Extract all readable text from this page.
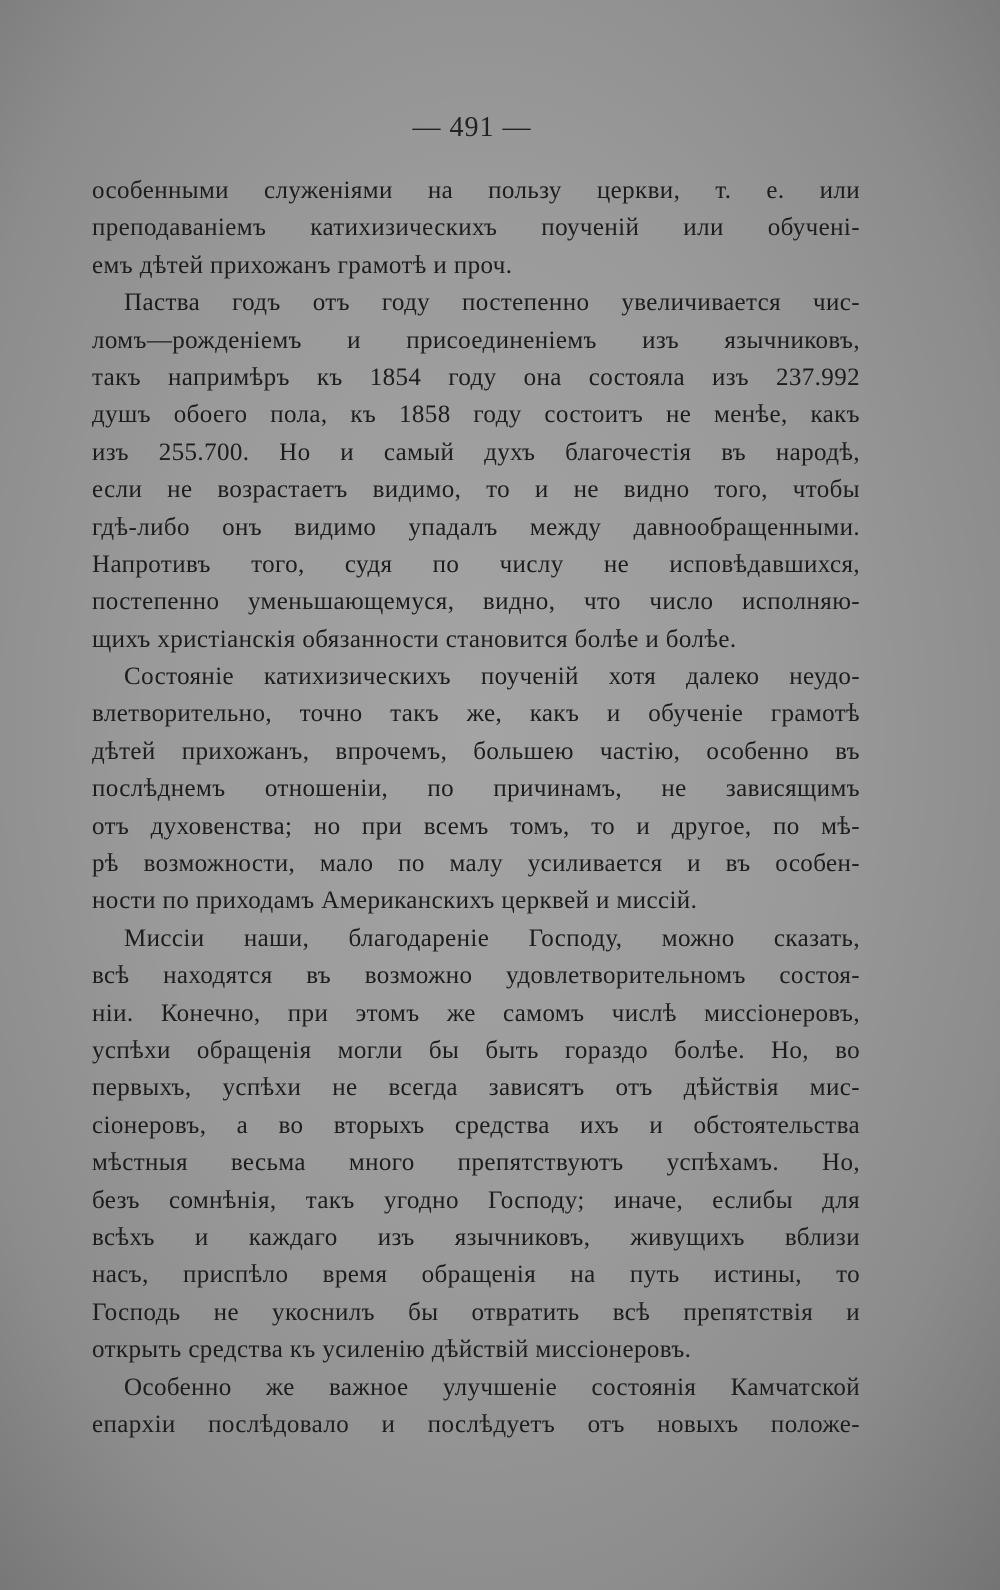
— 491 —
особенными служеніями на пользу церкви, т. е. или
преподаваніемъ катихизическихъ поученій или обучені-
емъ дѣтей прихожанъ грамотѣ и проч.
Паства годъ отъ году постепенно увеличивается чис-
ломъ—рожденіемъ и присоединеніемъ изъ язычниковъ,
такъ напримѣръ къ 1854 году она состояла изъ 237.992
душъ обоего пола, къ 1858 году состоитъ не менѣе, какъ
изъ 255.700. Но и самый духъ благочестія въ народѣ,
если не возрастаетъ видимо, то и не видно того, чтобы
гдѣ-либо онъ видимо упадалъ между давнообращенными.
Напротивъ того, судя по числу не исповѣдавшихся,
постепенно уменьшающемуся, видно, что число исполняю-
щихъ христіанскія обязанности становится болѣе и болѣе.
Состояніе катихизическихъ поученій хотя далеко неудо-
влетворительно, точно такъ же, какъ и обученіе грамотѣ
дѣтей прихожанъ, впрочемъ, большею частію, особенно въ
послѣднемъ отношеніи, по причинамъ, не зависящимъ
отъ духовенства; но при всемъ томъ, то и другое, по мѣ-
рѣ возможности, мало по малу усиливается и въ особен-
ности по приходамъ Американскихъ церквей и миссій.
Миссіи наши, благодареніе Господу, можно сказать,
всѣ находятся въ возможно удовлетворительномъ состоя-
ніи. Конечно, при этомъ же самомъ числѣ миссіонеровъ,
успѣхи обращенія могли бы быть гораздо болѣе. Но, во
первыхъ, успѣхи не всегда зависятъ отъ дѣйствія мис-
сіонеровъ, а во вторыхъ средства ихъ и обстоятельства
мѣстныя весьма много препятствуютъ успѣхамъ. Но,
безъ сомнѣнія, такъ угодно Господу; иначе, еслибы для
всѣхъ и каждаго изъ язычниковъ, живущихъ вблизи
насъ, приспѣло время обращенія на путь истины, то
Господь не укоснилъ бы отвратить всѣ препятствія и
открыть средства къ усиленію дѣйствій миссіонеровъ.
Особенно же важное улучшеніе состоянія Камчатской
епархіи послѣдовало и послѣдуетъ отъ новыхъ положе-
